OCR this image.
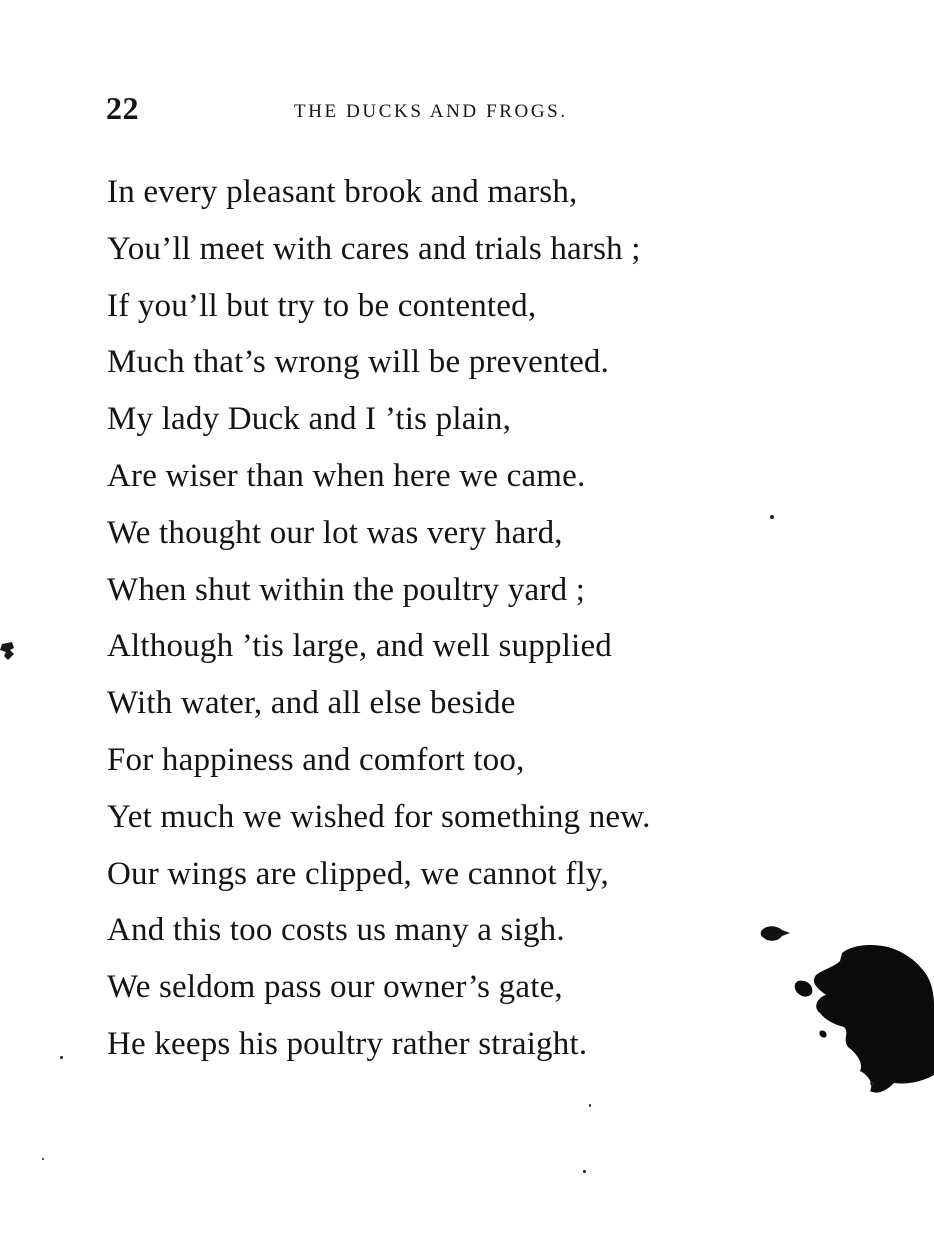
22	THE DUCKS AND FROGS.
In every pleasant brook and marsh,
You’ll meet with cares and trials harsh ;
If you’ll but try to be contented,
Much that’s wrong will be prevented.
My lady Duck and I ’tis plain,
Are wiser than when here we came.
We thought our lot was very hard,
When shut within the poultry yard ;
Although ’tis large, and well supplied
With water, and all else beside
For happiness and comfort too,
Yet much we wished for something new.
Our wings are clipped, we cannot fly,
And this too costs us many a sigh.
We seldom pass our owner’s gate,
He keeps his poultry rather straight.
